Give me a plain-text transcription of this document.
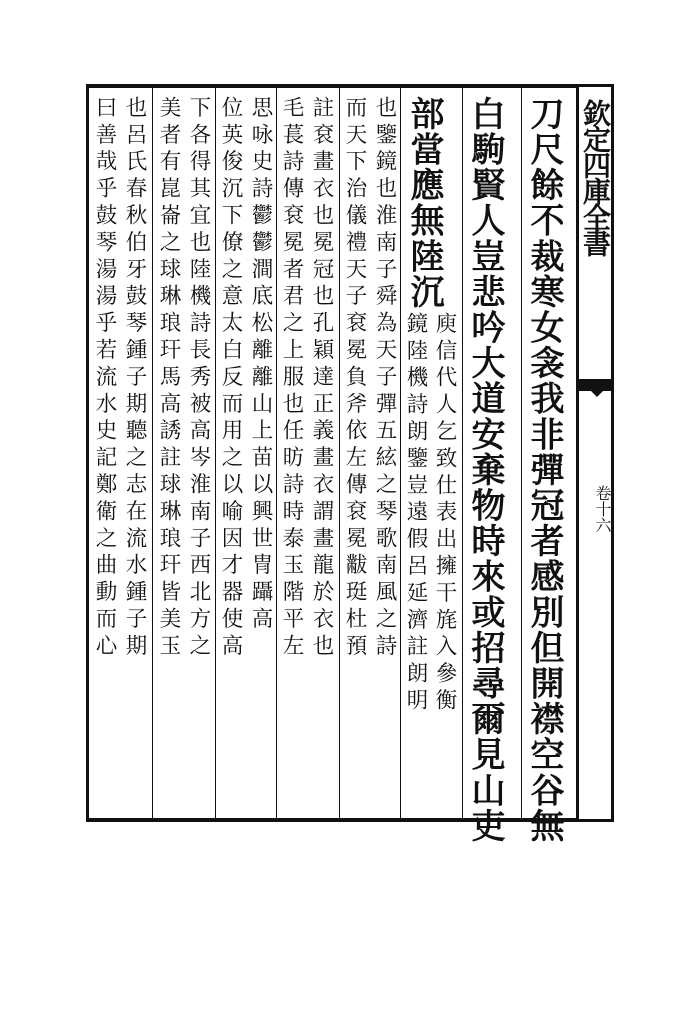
欽定四庫全書
卷十六
刀尺餘不裁寒女衾我非彈冠者感別但開襟空谷無
白駒賢人豈悲吟大道安棄物時來或招尋爾見山吏
部當應無陸沉
庾信代人乞致仕表出擁干旄入參衡
鏡陸機詩朗鑒豈遠假呂延濟註朗明
也鑒鏡也淮南子舜為天子彈五絃之琴歌南風之詩
而天下治儀禮天子袞冕負斧依左傳袞冕黻珽杜預
註袞畫衣也冕冠也孔穎達正義畫衣謂畫龍於衣也
毛萇詩傳袞冕者君之上服也任昉詩時泰玉階平左
思咏史詩鬱鬱澗底松離離山上苗以興世冑躡高
位英俊沉下僚之意太白反而用之以喻因才器使高
下各得其宜也陸機詩長秀被高岑淮南子西北方之
美者有崑崙之球琳琅玕馬高誘註球琳琅玕皆美玉
也呂氏春秋伯牙鼓琴鍾子期聽之志在流水鍾子期
曰善哉乎鼓琴湯湯乎若流水史記鄭衛之曲動而心
